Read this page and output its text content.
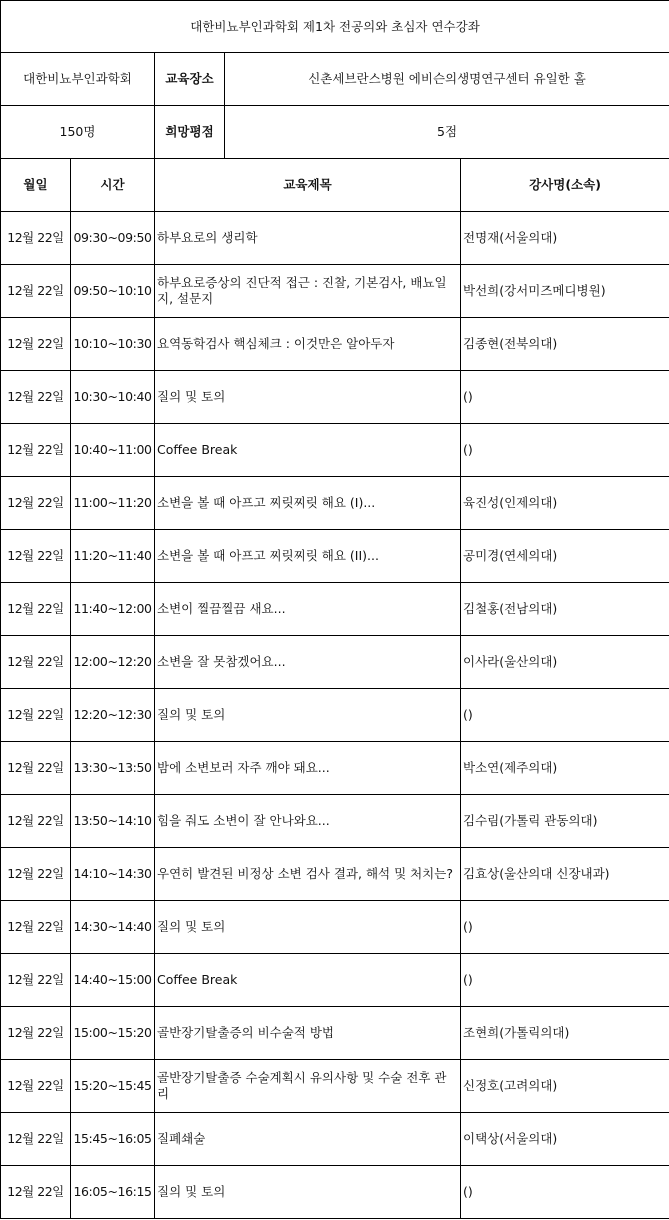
대한비뇨부인과학회 제1차 전공의와 초심자 연수강좌				
대한비뇨부인과학회		교육장소	신촌세브란스병원 에비슨의생명연구센터 유일한 홀	
150명		희망평점	5점	
월일	시간	교육제목		강사명(소속)
12월 22일	09:30~09:50	하부요로의 생리학		전명재(서울의대)
12월 22일	09:50~10:10	하부요로증상의 진단적 접근 : 진찰, 기본검사, 배뇨일지, 설문지		박선희(강서미즈메디병원)
12월 22일	10:10~10:30	요역동학검사 핵심체크 : 이것만은 알아두자		김종현(전북의대)
12월 22일	10:30~10:40	질의 및 토의		()
12월 22일	10:40~11:00	Coffee Break		()
12월 22일	11:00~11:20	소변을 볼 때 아프고 찌릿찌릿 해요 (I)...		육진성(인제의대)
12월 22일	11:20~11:40	소변을 볼 때 아프고 찌릿찌릿 해요 (II)...		공미경(연세의대)
12월 22일	11:40~12:00	소변이 찔끔찔끔 새요...		김철홍(전남의대)
12월 22일	12:00~12:20	소변을 잘 못참겠어요...		이사라(울산의대)
12월 22일	12:20~12:30	질의 및 토의		()
12월 22일	13:30~13:50	밤에 소변보러 자주 깨야 돼요...		박소연(제주의대)
12월 22일	13:50~14:10	힘을 줘도 소변이 잘 안나와요...		김수림(가톨릭 관동의대)
12월 22일	14:10~14:30	우연히 발견된 비정상 소변 검사 결과, 해석 및 처치는?		김효상(울산의대 신장내과)
12월 22일	14:30~14:40	질의 및 토의		()
12월 22일	14:40~15:00	Coffee Break		()
12월 22일	15:00~15:20	골반장기탈출증의 비수술적 방법		조현희(가톨릭의대)
12월 22일	15:20~15:45	골반장기탈출증 수술계획시 유의사항 및 수술 전후 관리		신정호(고려의대)
12월 22일	15:45~16:05	질폐쇄술		이택상(서울의대)
12월 22일	16:05~16:15	질의 및 토의		()
